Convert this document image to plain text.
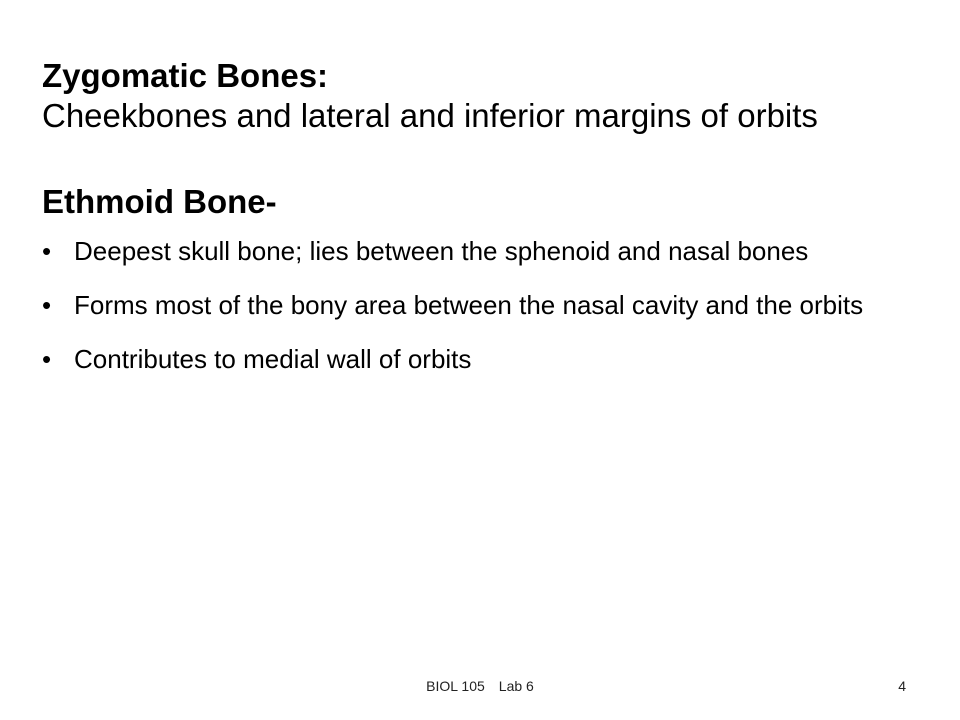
Zygomatic Bones:

Cheekbones and lateral and inferior margins of orbits

Ethmoid Bone-

• Deepest skull bone; lies between the sphenoid and nasal bones
• Forms most of the bony area between the nasal cavity and the orbits
• Contributes to medial wall of orbits
BIOL 105 Lab 6	4
